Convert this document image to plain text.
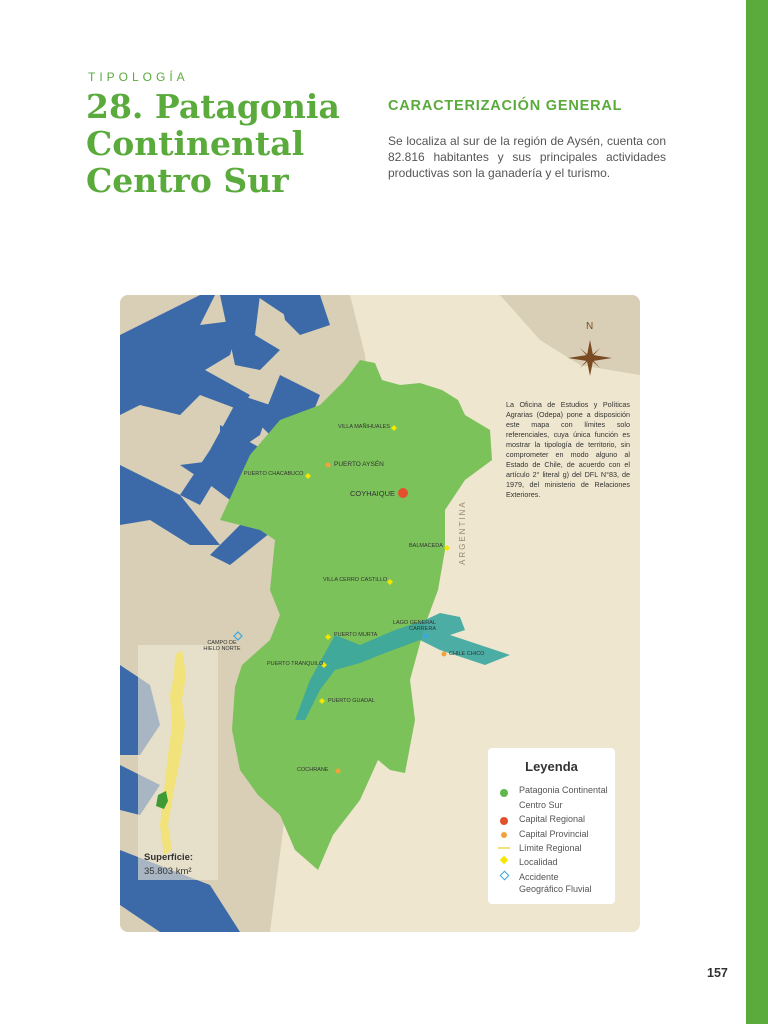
TIPOLOGÍA
28. Patagonia
Continental
Centro Sur
CARACTERIZACIÓN GENERAL

Se localiza al sur de la región de Aysén, cuenta con 82.816 habitantes y sus principales actividades productivas son la ganadería y el turismo.

N
La Oficina de Estudios y Políticas Agrarias (Odepa) pone a disposición este mapa con límites solo referenciales, cuya única función es mostrar la tipología de territorio, sin comprometer en modo alguno al Estado de Chile, de acuerdo con el artículo 2° literal g) del DFL N°83, de 1979, del ministerio de Relaciones Exteriores.
ARGENTINA
VILLA MAÑIHUALES
PUERTO AYSÉN
PUERTO CHACABUCO
COYHAIQUE
BALMACEDA
VILLA CERRO CASTILLO
LAGO GENERAL CARRERA
PUERTO MURTA
CAMPO DE HIELO NORTE
CHILE CHICO
PUERTO TRANQUILO
PUERTO GUADAL
COCHRANE	Leyenda
Patagonia Continental
Centro Sur
Capital Regional
Capital Provincial
Límite Regional
Localidad
Accidente
Geográfico Fluvial
Superficie:
35.803 km²
157
